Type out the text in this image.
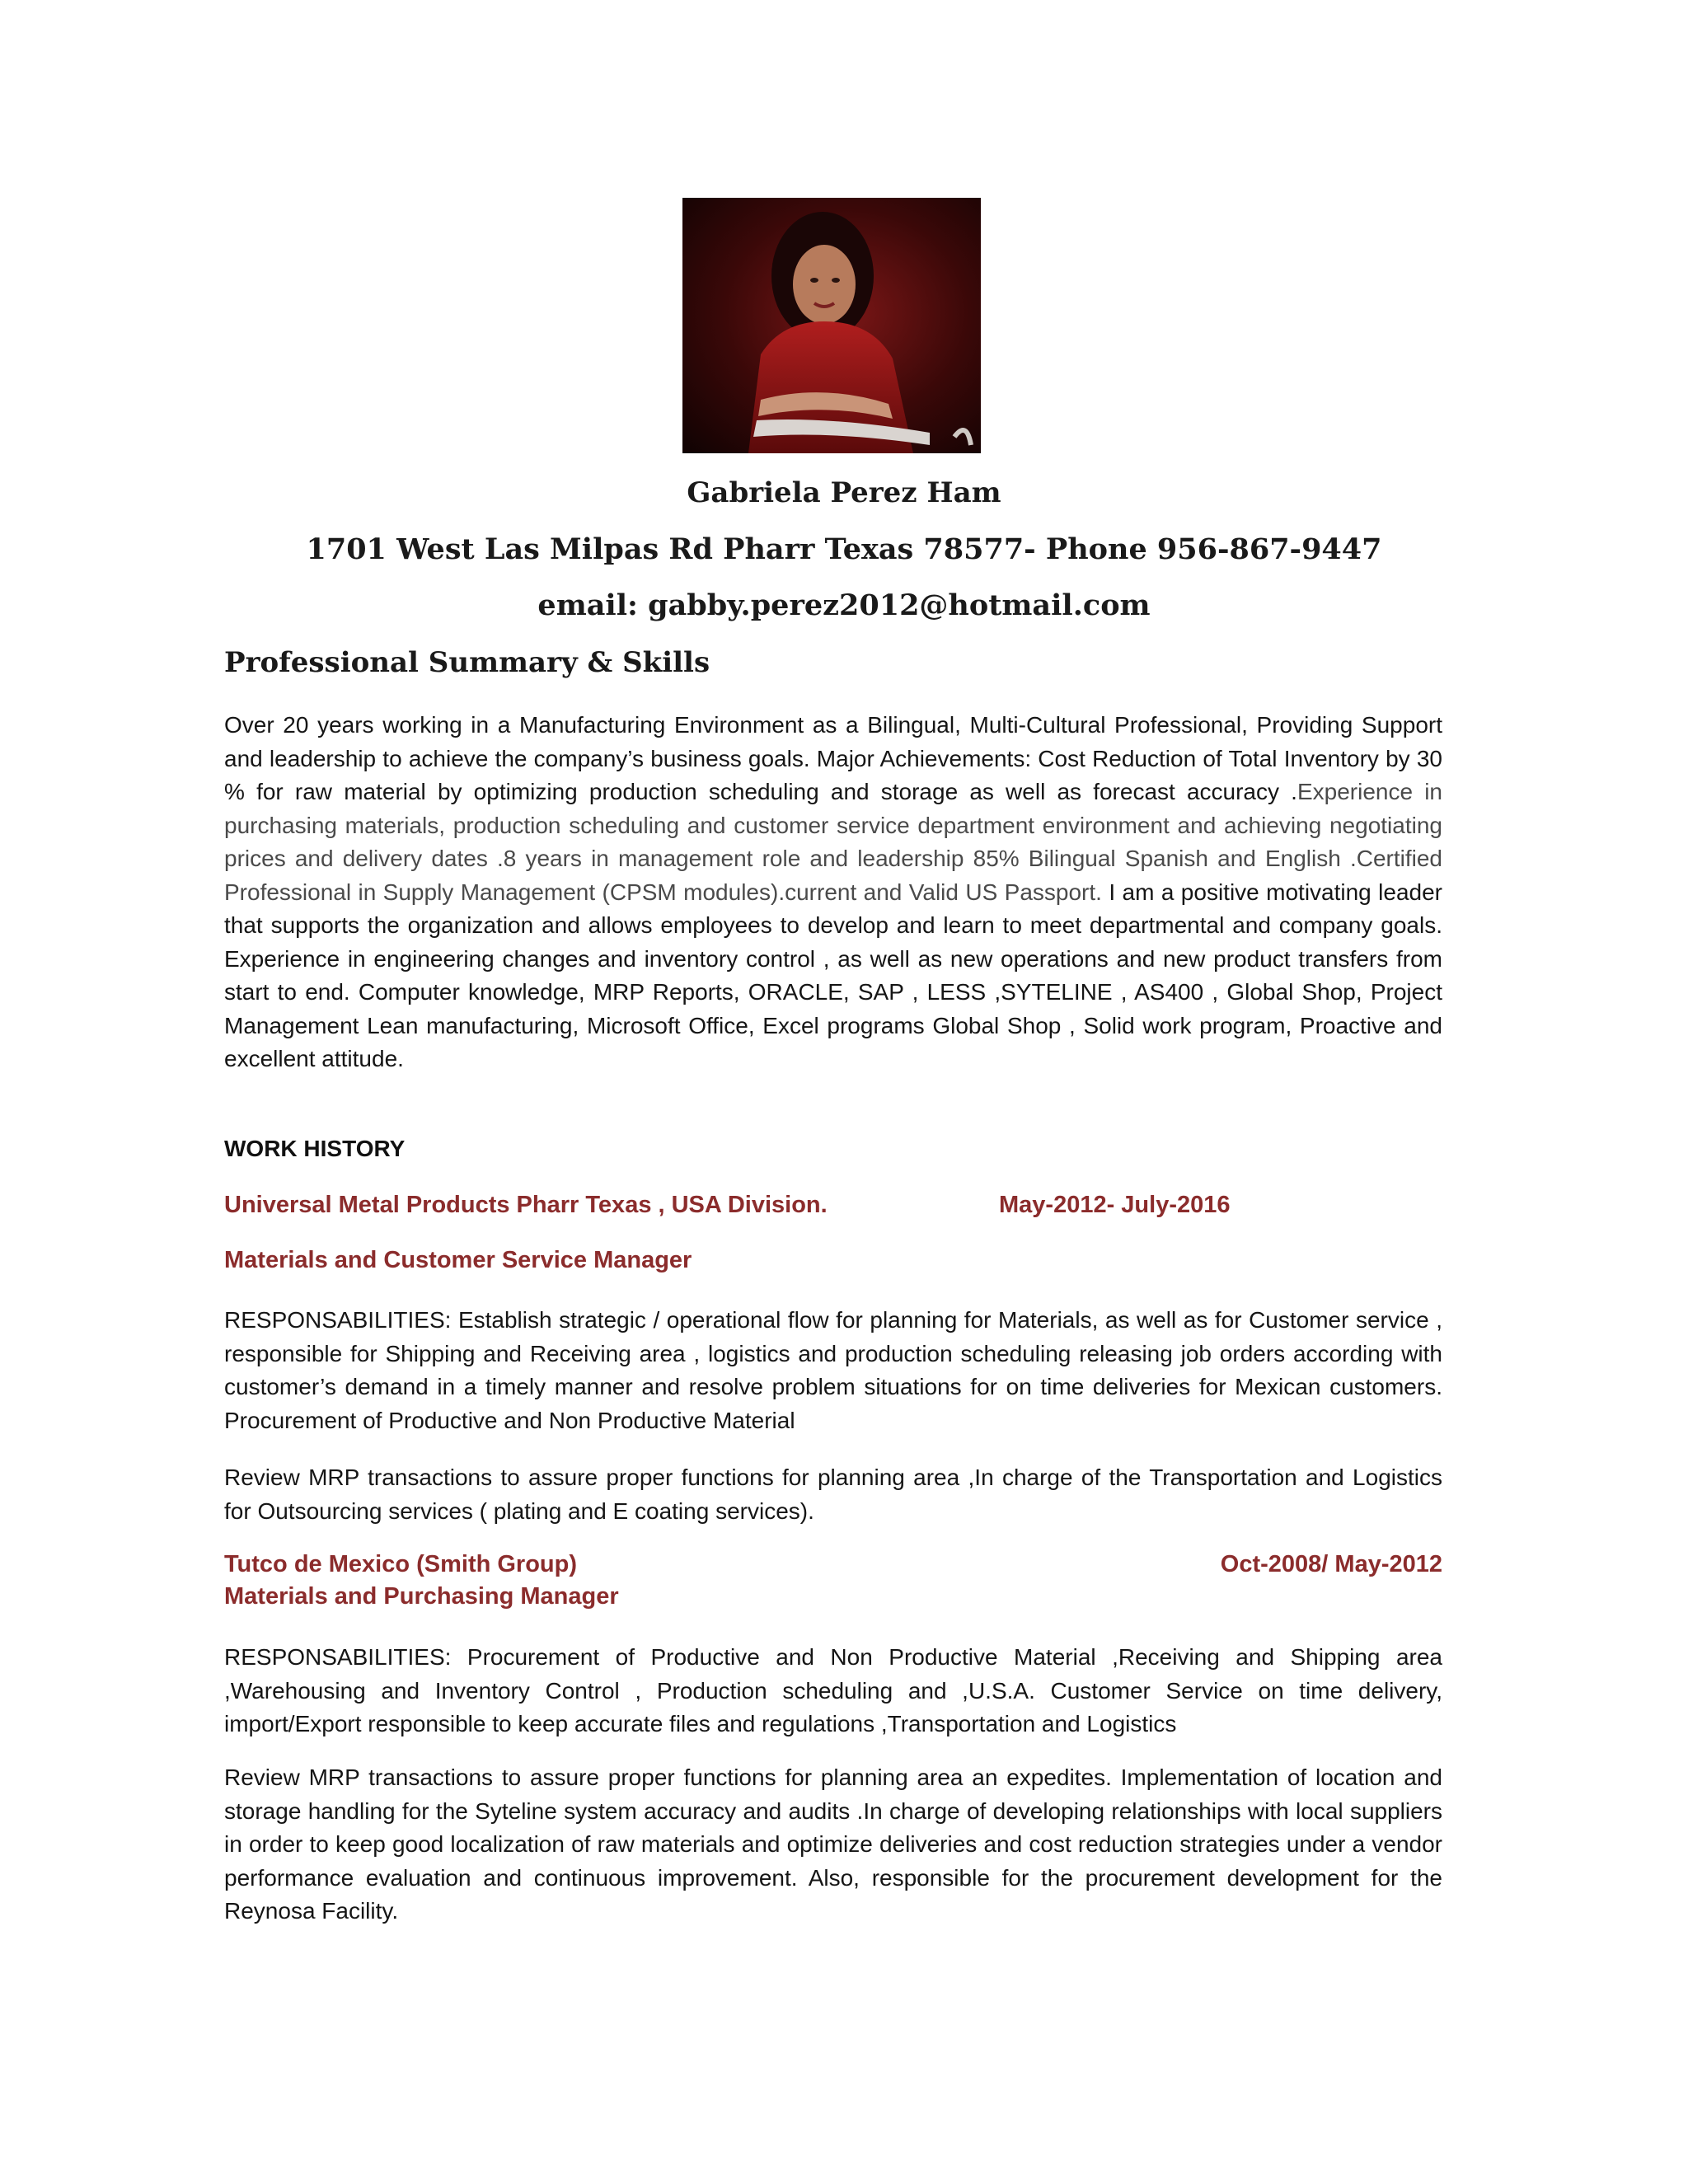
Gabriela Perez Ham
1701 West Las Milpas Rd Pharr Texas 78577- Phone 956-867-9447
email: gabby.perez2012@hotmail.com
Professional Summary & Skills
Over 20 years working in a Manufacturing Environment as a Bilingual, Multi-Cultural Professional, Providing Support and leadership to achieve the company’s business goals. Major Achievements: Cost Reduction of Total Inventory by 30 % for raw material by optimizing production scheduling and storage as well as forecast accuracy .Experience in purchasing materials, production scheduling and customer service department environment and achieving negotiating prices and delivery dates .8 years in management role and leadership 85% Bilingual Spanish and English .Certified Professional in Supply Management (CPSM modules).current and Valid US Passport. I am a positive motivating leader that supports the organization and allows employees to develop and learn to meet departmental and company goals. Experience in engineering changes and inventory control , as well as new operations and new product transfers from start to end. Computer knowledge, MRP Reports, ORACLE, SAP , LESS ,SYTELINE , AS400 , Global Shop, Project Management Lean manufacturing, Microsoft Office, Excel programs Global Shop , Solid work program, Proactive and excellent attitude.
WORK HISTORY
Universal Metal Products Pharr Texas , USA Division.	May-2012- July-2016
Materials and Customer Service Manager
RESPONSABILITIES: Establish strategic / operational flow for planning for Materials, as well as for Customer service , responsible for Shipping and Receiving area , logistics and production scheduling releasing job orders according with customer’s demand in a timely manner and resolve problem situations for on time deliveries for Mexican customers. Procurement of Productive and Non Productive Material
Review MRP transactions to assure proper functions for planning area ,In charge of the Transportation and Logistics for Outsourcing services ( plating and E coating services).
Tutco de Mexico (Smith Group)	Oct-2008/ May-2012
Materials and Purchasing Manager
RESPONSABILITIES: Procurement of Productive and Non Productive Material ,Receiving and Shipping area ,Warehousing and Inventory Control , Production scheduling and ,U.S.A. Customer Service on time delivery, import/Export responsible to keep accurate files and regulations ,Transportation and Logistics
Review MRP transactions to assure proper functions for planning area an expedites. Implementation of location and storage handling for the Syteline system accuracy and audits .In charge of developing relationships with local suppliers in order to keep good localization of raw materials and optimize deliveries and cost reduction strategies under a vendor performance evaluation and continuous improvement. Also, responsible for the procurement development for the Reynosa Facility.
